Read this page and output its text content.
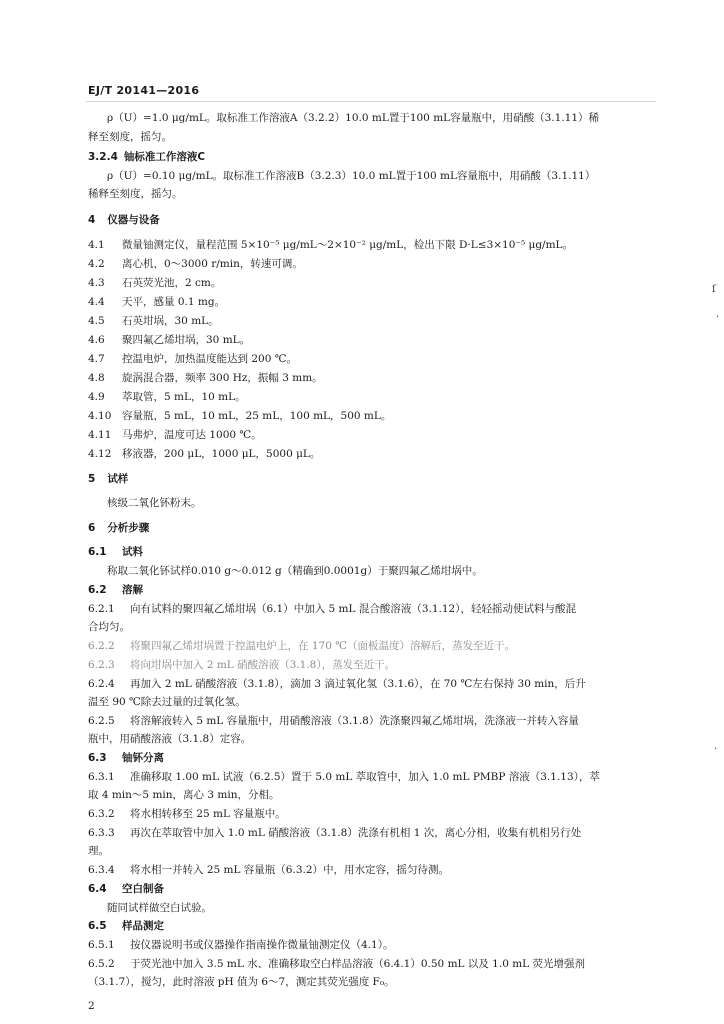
EJ/T 20141—2016
ρ（U）=1.0 μg/mL。取标准工作溶液A（3.2.2）10.0 mL置于100 mL容量瓶中，用硝酸（3.1.11）稀
释至刻度，摇匀。
3.2.4 铀标准工作溶液C
ρ（U）=0.10 μg/mL。取标准工作溶液B（3.2.3）10.0 mL置于100 mL容量瓶中，用硝酸（3.1.11）
稀释至刻度，摇匀。
4 仪器与设备
4.1 微量铀测定仪，量程范围 5×10⁻⁵ μg/mL～2×10⁻² μg/mL，检出下限 D·L≤3×10⁻⁵ μg/mL。
4.2 离心机，0～3000 r/min，转速可调。
4.3 石英荧光池，2 cm。
4.4 天平，感量 0.1 mg。
4.5 石英坩埚，30 mL。
4.6 聚四氟乙烯坩埚，30 mL。
4.7 控温电炉，加热温度能达到 200 ℃。
4.8 旋涡混合器，频率 300 Hz，振幅 3 mm。
4.9 萃取管，5 mL，10 mL。
4.10 容量瓶，5 mL，10 mL，25 mL，100 mL，500 mL。
4.11 马弗炉，温度可达 1000 ℃。
4.12 移液器，200 μL，1000 μL，5000 μL。
5 试样
核级二氧化钚粉末。
6 分析步骤
6.1 试料
称取二氧化钚试样0.010 g～0.012 g（精确到0.0001g）于聚四氟乙烯坩埚中。
6.2 溶解
6.2.1 向有试料的聚四氟乙烯坩埚（6.1）中加入 5 mL 混合酸溶液（3.1.12），轻轻摇动使试料与酸混
合均匀。
6.2.2 将聚四氟乙烯坩埚置于控温电炉上，在 170 ℃（面板温度）溶解后，蒸发至近干。
6.2.3 将向坩埚中加入 2 mL 硝酸溶液（3.1.8），蒸发至近干。
6.2.4 再加入 2 mL 硝酸溶液（3.1.8），滴加 3 滴过氧化氢（3.1.6），在 70 ℃左右保持 30 min，后升
温至 90 ℃除去过量的过氧化氢。
6.2.5 将溶解液转入 5 mL 容量瓶中，用硝酸溶液（3.1.8）洗涤聚四氟乙烯坩埚，洗涤液一并转入容量
瓶中，用硝酸溶液（3.1.8）定容。
6.3 铀钚分离
6.3.1 准确移取 1.00 mL 试液（6.2.5）置于 5.0 mL 萃取管中，加入 1.0 mL PMBP 溶液（3.1.13），萃
取 4 min～5 min，离心 3 min，分相。
6.3.2 将水相转移至 25 mL 容量瓶中。
6.3.3 再次在萃取管中加入 1.0 mL 硝酸溶液（3.1.8）洗涤有机相 1 次，离心分相，收集有机相另行处
理。
6.3.4 将水相一并转入 25 mL 容量瓶（6.3.2）中，用水定容，摇匀待测。
6.4 空白制备
随同试样做空白试验。
6.5 样品测定
6.5.1 按仪器说明书或仪器操作指南操作微量铀测定仪（4.1）。
6.5.2 于荧光池中加入 3.5 mL 水、准确移取空白样品溶液（6.4.1）0.50 mL 以及 1.0 mL 荧光增强剂
（3.1.7），搅匀，此时溶液 pH 值为 6～7，测定其荧光强度 F₀。
2
ſ
·
·
